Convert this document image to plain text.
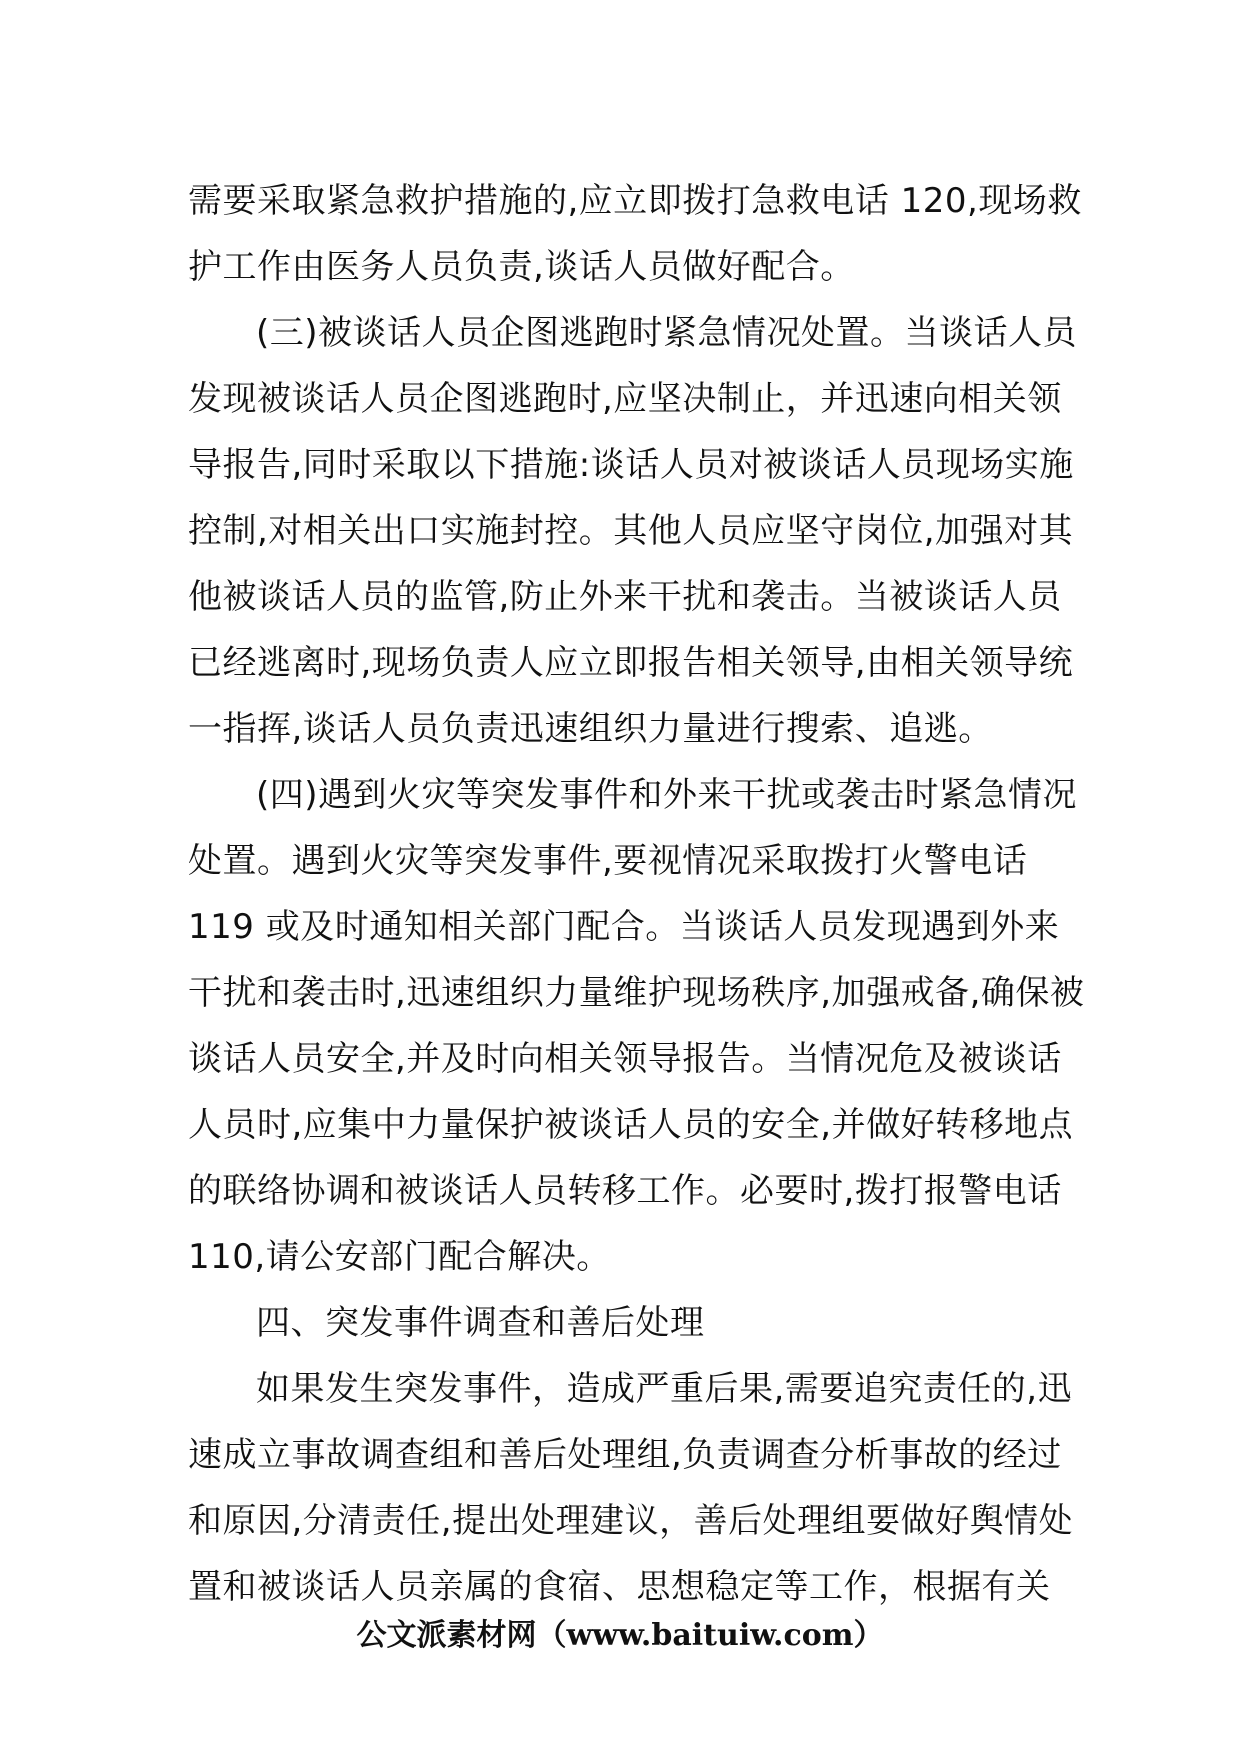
需要采取紧急救护措施的,应立即拨打急救电话 120,现场救
护工作由医务人员负责,谈话人员做好配合。
(三)被谈话人员企图逃跑时紧急情况处置。当谈话人员
发现被谈话人员企图逃跑时,应坚决制止，并迅速向相关领
导报告,同时采取以下措施:谈话人员对被谈话人员现场实施
控制,对相关出口实施封控。其他人员应坚守岗位,加强对其
他被谈话人员的监管,防止外来干扰和袭击。当被谈话人员
已经逃离时,现场负责人应立即报告相关领导,由相关领导统
一指挥,谈话人员负责迅速组织力量进行搜索、追逃。
(四)遇到火灾等突发事件和外来干扰或袭击时紧急情况
处置。遇到火灾等突发事件,要视情况采取拨打火警电话
119 或及时通知相关部门配合。当谈话人员发现遇到外来
干扰和袭击时,迅速组织力量维护现场秩序,加强戒备,确保被
谈话人员安全,并及时向相关领导报告。当情况危及被谈话
人员时,应集中力量保护被谈话人员的安全,并做好转移地点
的联络协调和被谈话人员转移工作。必要时,拨打报警电话
110,请公安部门配合解决。
四、突发事件调查和善后处理
如果发生突发事件，造成严重后果,需要追究责任的,迅
速成立事故调查组和善后处理组,负责调查分析事故的经过
和原因,分清责任,提出处理建议，善后处理组要做好舆情处
置和被谈话人员亲属的食宿、思想稳定等工作，根据有关
公文派素材网（www.baituiw.com）
